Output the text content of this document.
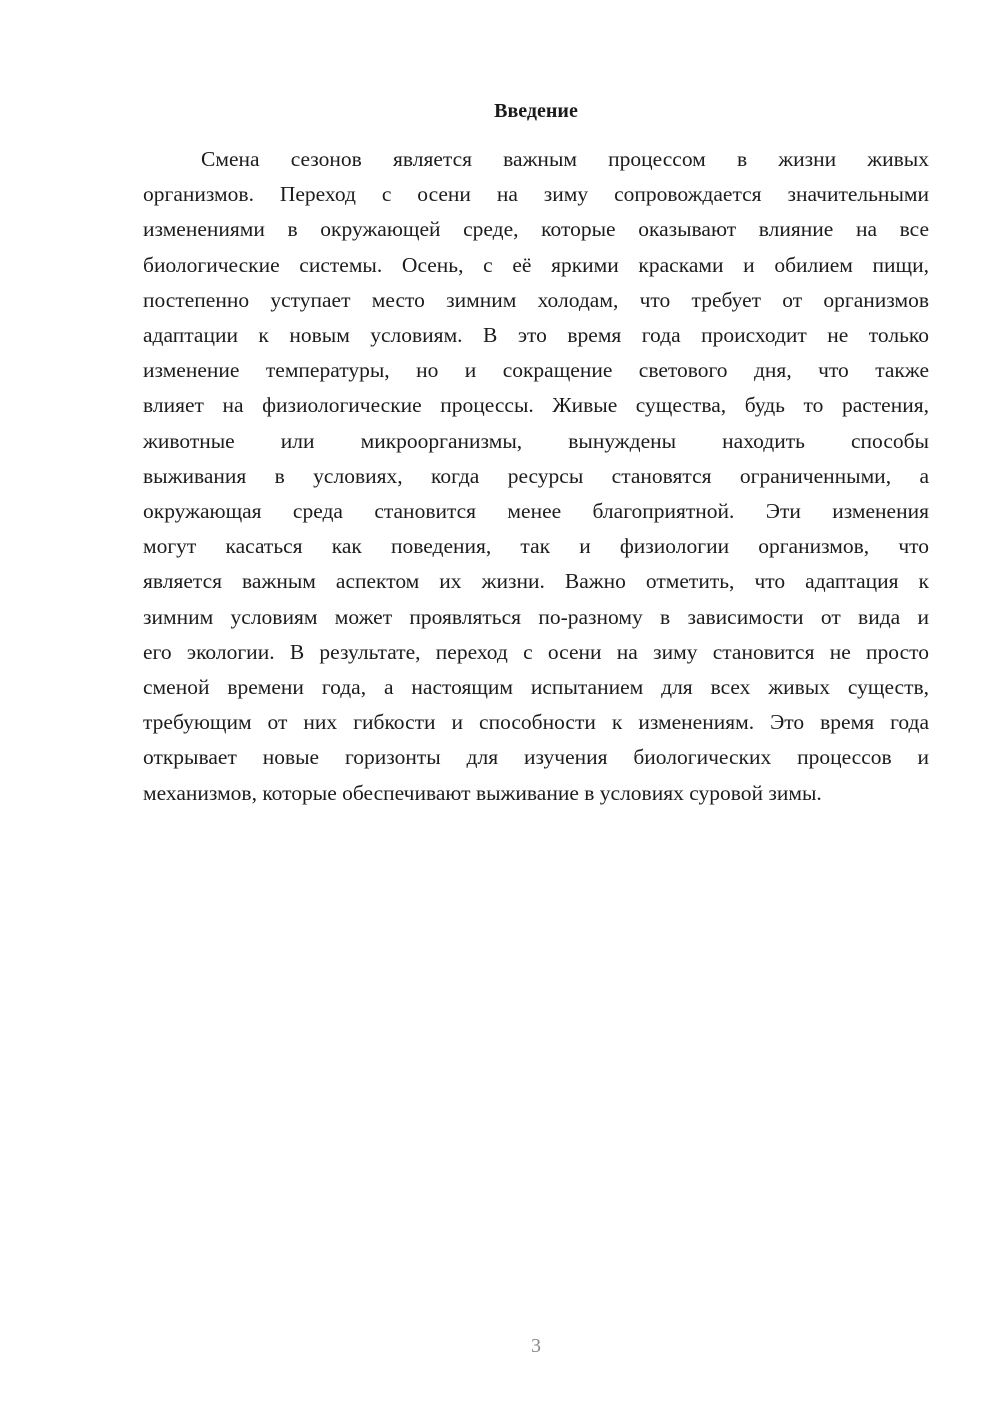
Введение
Смена сезонов является важным процессом в жизни живых
организмов. Переход с осени на зиму сопровождается значительными
изменениями в окружающей среде, которые оказывают влияние на все
биологические системы. Осень, с её яркими красками и обилием пищи,
постепенно уступает место зимним холодам, что требует от организмов
адаптации к новым условиям. В это время года происходит не только
изменение температуры, но и сокращение светового дня, что также
влияет на физиологические процессы. Живые существа, будь то растения,
животные или микроорганизмы, вынуждены находить способы
выживания в условиях, когда ресурсы становятся ограниченными, а
окружающая среда становится менее благоприятной. Эти изменения
могут касаться как поведения, так и физиологии организмов, что
является важным аспектом их жизни. Важно отметить, что адаптация к
зимним условиям может проявляться по-разному в зависимости от вида и
его экологии. В результате, переход с осени на зиму становится не просто
сменой времени года, а настоящим испытанием для всех живых существ,
требующим от них гибкости и способности к изменениям. Это время года
открывает новые горизонты для изучения биологических процессов и
механизмов, которые обеспечивают выживание в условиях суровой зимы.
3
